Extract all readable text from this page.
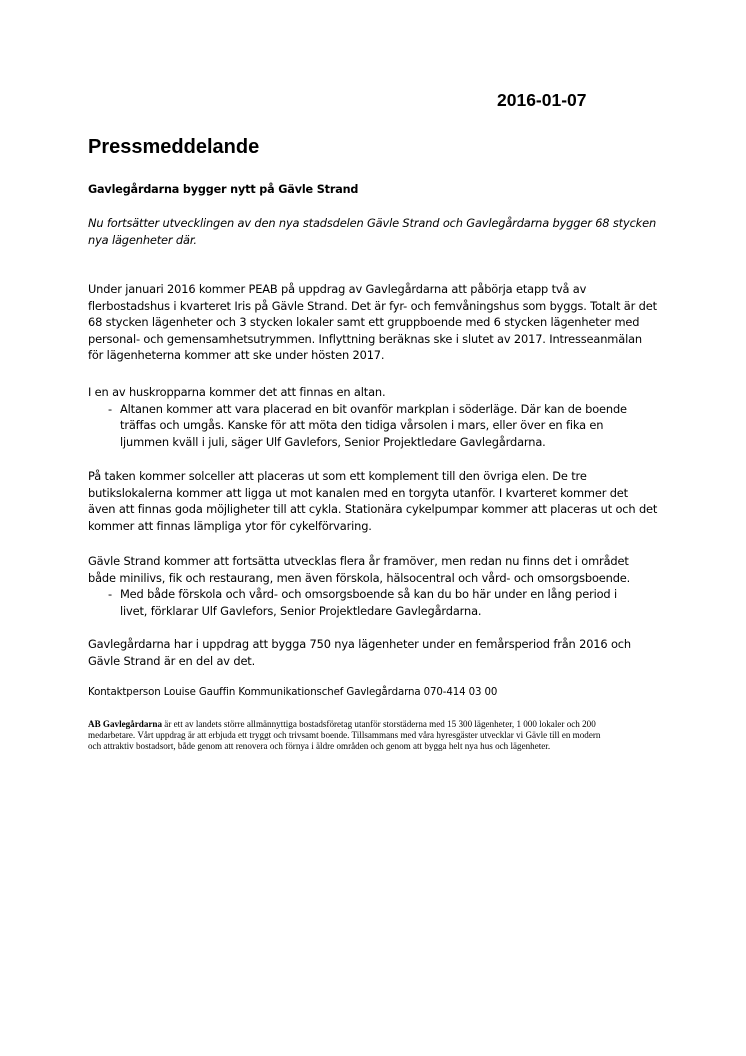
2016-01-07

Pressmeddelande

Gavlegårdarna bygger nytt på Gävle Strand

Nu fortsätter utvecklingen av den nya stadsdelen Gävle Strand och Gavlegårdarna bygger 68 stycken
nya lägenheter där.

Under januari 2016 kommer PEAB på uppdrag av Gavlegårdarna att påbörja etapp två av
flerbostadshus i kvarteret Iris på Gävle Strand. Det är fyr- och femvåningshus som byggs. Totalt är det
68 stycken lägenheter och 3 stycken lokaler samt ett gruppboende med 6 stycken lägenheter med
personal- och gemensamhetsutrymmen. Inflyttning beräknas ske i slutet av 2017. Intresseanmälan
för lägenheterna kommer att ske under hösten 2017.

I en av huskropparna kommer det att finnas en altan.
- Altanen kommer att vara placerad en bit ovanför markplan i söderläge. Där kan de boende
träffas och umgås. Kanske för att möta den tidiga vårsolen i mars, eller över en fika en
ljummen kväll i juli, säger Ulf Gavlefors, Senior Projektledare Gavlegårdarna.

På taken kommer solceller att placeras ut som ett komplement till den övriga elen. De tre
butikslokalerna kommer att ligga ut mot kanalen med en torgyta utanför. I kvarteret kommer det
även att finnas goda möjligheter till att cykla. Stationära cykelpumpar kommer att placeras ut och det
kommer att finnas lämpliga ytor för cykelförvaring.

Gävle Strand kommer att fortsätta utvecklas flera år framöver, men redan nu finns det i området
både minilivs, fik och restaurang, men även förskola, hälsocentral och vård- och omsorgsboende.
- Med både förskola och vård- och omsorgsboende så kan du bo här under en lång period i
livet, förklarar Ulf Gavlefors, Senior Projektledare Gavlegårdarna.

Gavlegårdarna har i uppdrag att bygga 750 nya lägenheter under en femårsperiod från 2016 och
Gävle Strand är en del av det.

Kontaktperson Louise Gauffin Kommunikationschef Gavlegårdarna 070-414 03 00

AB Gavlegårdarna är ett av landets större allmännyttiga bostadsföretag utanför storstäderna med 15 300 lägenheter, 1 000 lokaler och 200
medarbetare. Vårt uppdrag är att erbjuda ett tryggt och trivsamt boende. Tillsammans med våra hyresgäster utvecklar vi Gävle till en modern
och attraktiv bostadsort, både genom att renovera och förnya i äldre områden och genom att bygga helt nya hus och lägenheter.
